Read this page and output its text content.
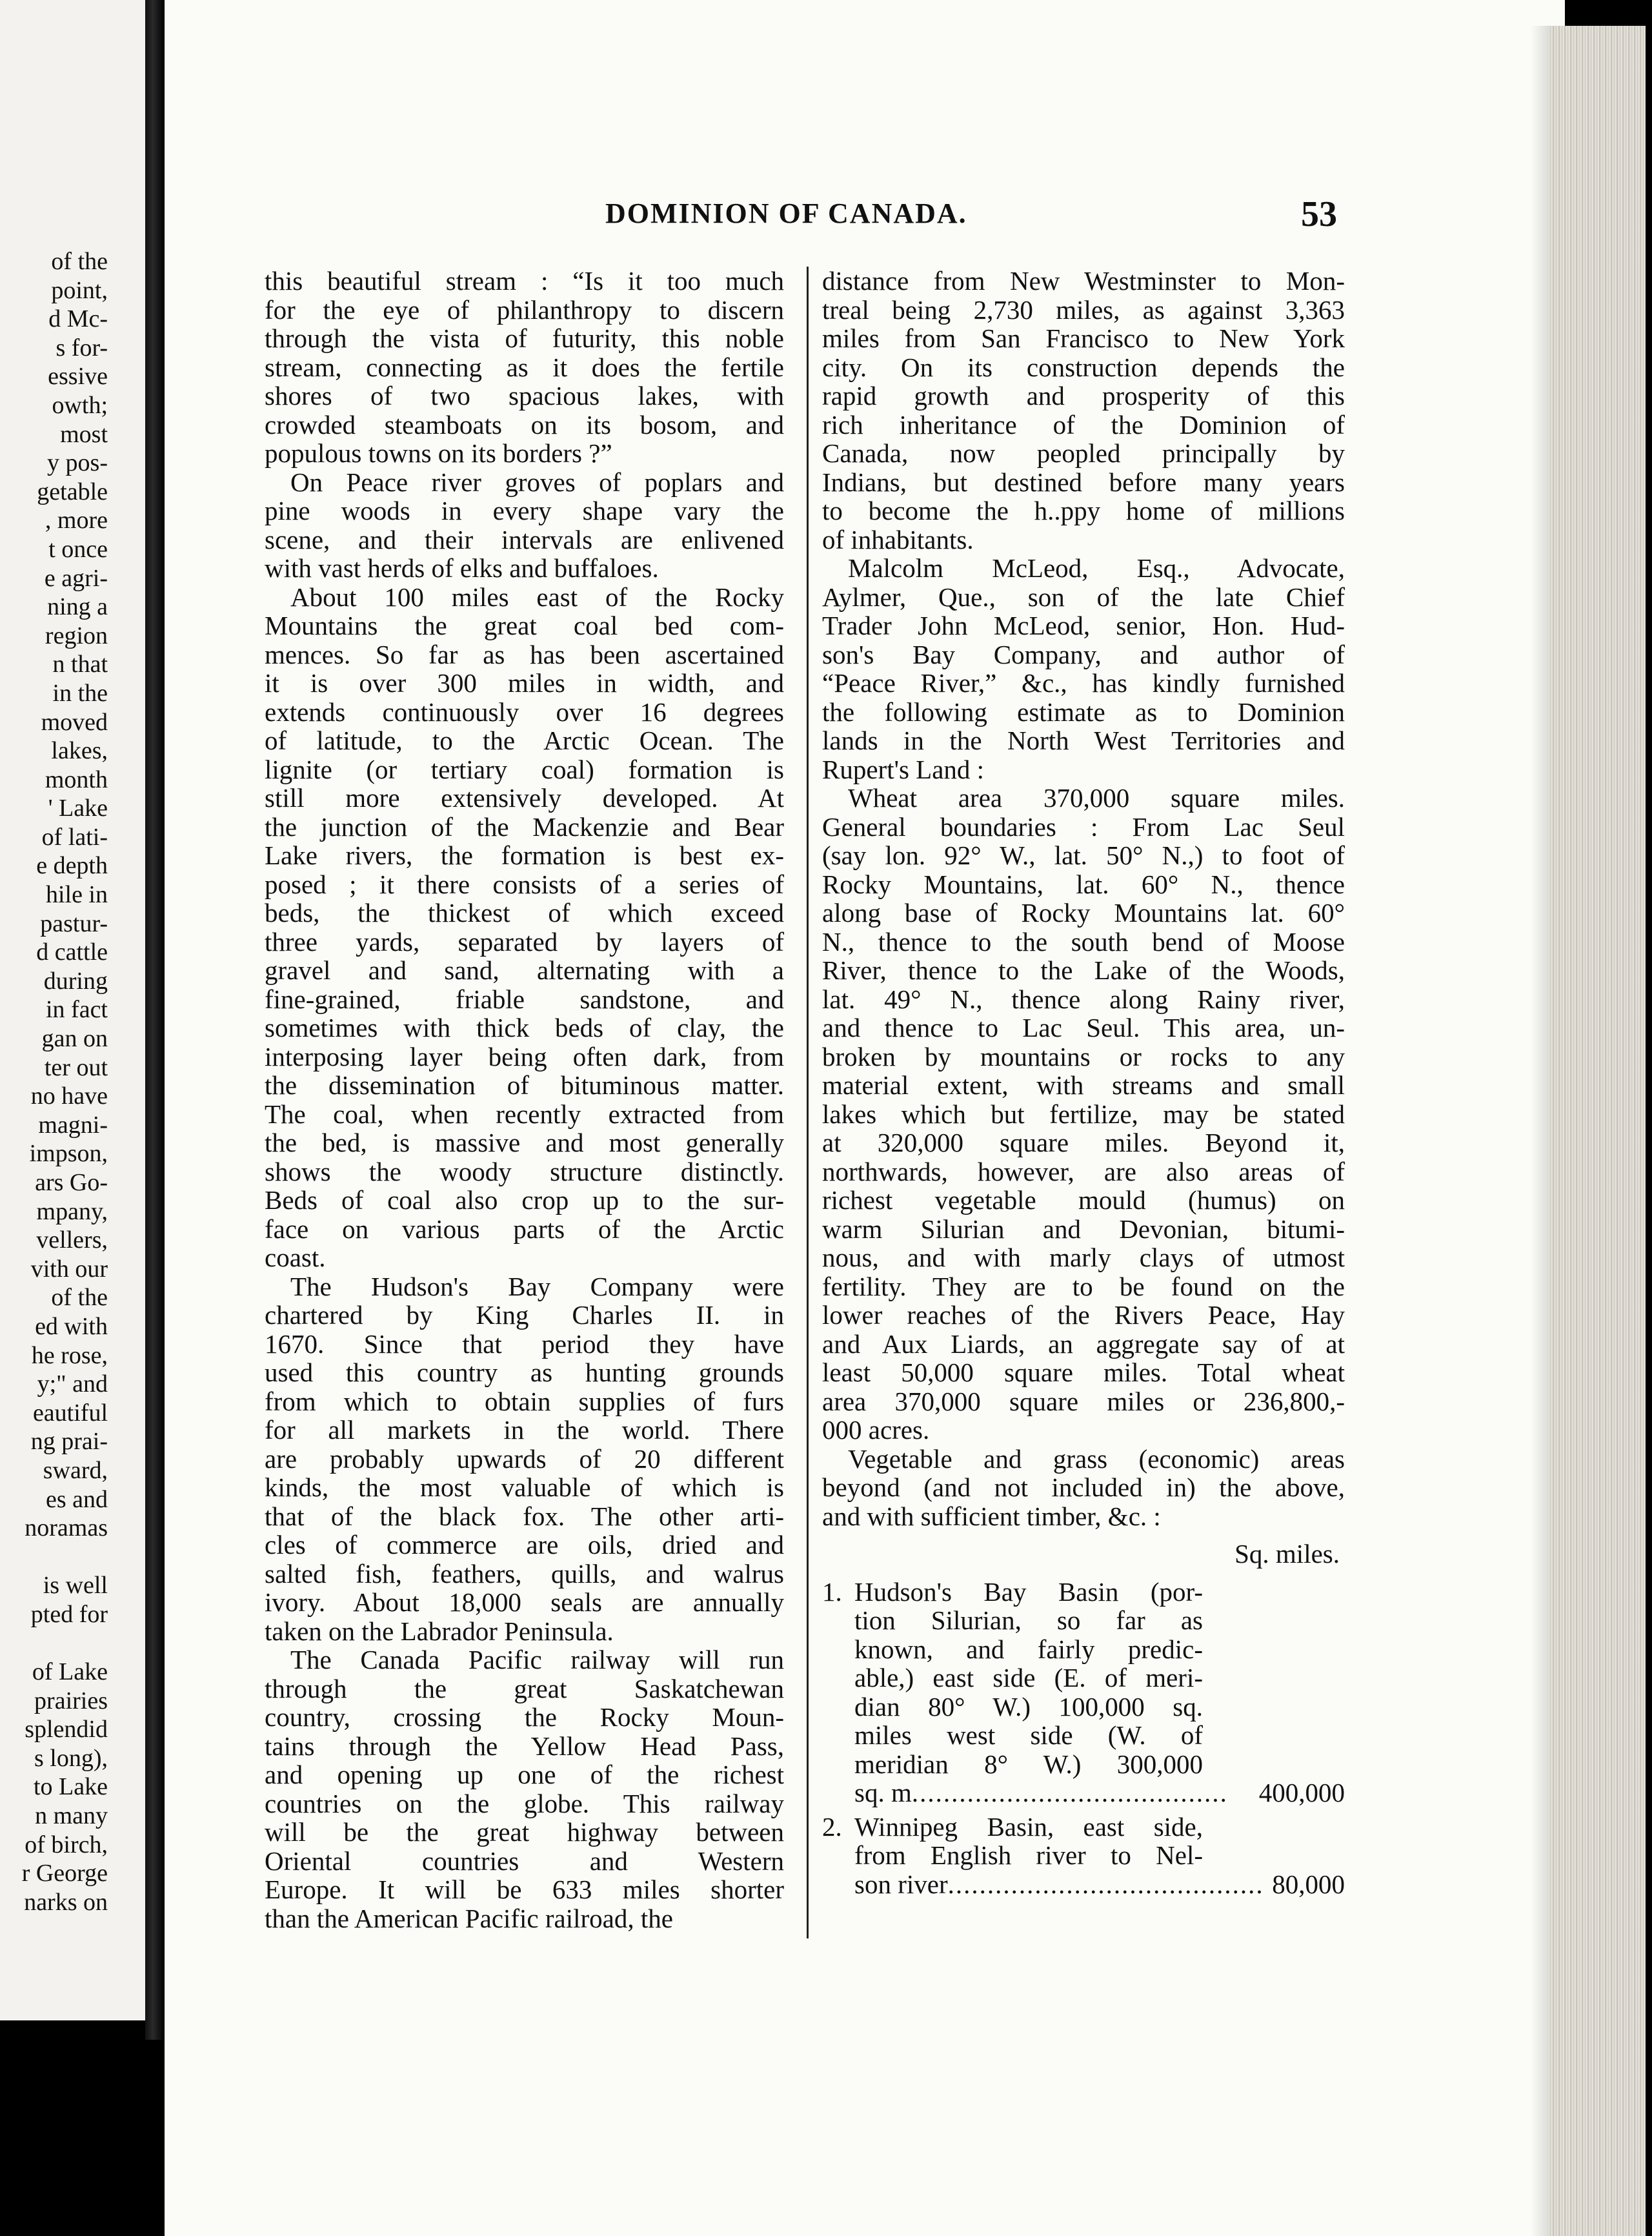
of the
point,
d Mc-
s for-
essive
owth;
most
y pos-
getable
, more
t once
e agri-
ning a
region
n that
in the
moved
lakes,
month
' Lake
of lati-
e depth
hile in
pastur-
d cattle
during
in fact
gan on
ter out
no have
magni-
impson,
ars Go-
mpany,
vellers,
vith our
of the
ed with
he rose,
y;" and
eautiful
ng prai-
sward,
es and
noramas
is well
pted for
of Lake
prairies
splendid
s long),
to Lake
n many
of birch,
r George
narks on
DOMINION OF CANADA.	53

this beautiful stream : “Is it too much
for the eye of philanthropy to discern
through the vista of futurity, this noble
stream, connecting as it does the fertile
shores of two spacious lakes, with
crowded steamboats on its bosom, and
populous towns on its borders ?”

On Peace river groves of poplars and
pine woods in every shape vary the
scene, and their intervals are enlivened
with vast herds of elks and buffaloes.

About 100 miles east of the Rocky
Mountains the great coal bed com-
mences. So far as has been ascertained
it is over 300 miles in width, and
extends continuously over 16 degrees
of latitude, to the Arctic Ocean. The
lignite (or tertiary coal) formation is
still more extensively developed. At
the junction of the Mackenzie and Bear
Lake rivers, the formation is best ex-
posed ; it there consists of a series of
beds, the thickest of which exceed
three yards, separated by layers of
gravel and sand, alternating with a
fine-grained, friable sandstone, and
sometimes with thick beds of clay, the
interposing layer being often dark, from
the dissemination of bituminous matter.
The coal, when recently extracted from
the bed, is massive and most generally
shows the woody structure distinctly.
Beds of coal also crop up to the sur-
face on various parts of the Arctic
coast.

The Hudson's Bay Company were
chartered by King Charles II. in
1670. Since that period they have
used this country as hunting grounds
from which to obtain supplies of furs
for all markets in the world. There
are probably upwards of 20 different
kinds, the most valuable of which is
that of the black fox. The other arti-
cles of commerce are oils, dried and
salted fish, feathers, quills, and walrus
ivory. About 18,000 seals are annually
taken on the Labrador Peninsula.

The Canada Pacific railway will run
through the great Saskatchewan
country, crossing the Rocky Moun-
tains through the Yellow Head Pass,
and opening up one of the richest
countries on the globe. This railway
will be the great highway between
Oriental countries and Western
Europe. It will be 633 miles shorter
than the American Pacific railroad, the

distance from New Westminster to Mon-
treal being 2,730 miles, as against 3,363
miles from San Francisco to New York
city. On its construction depends the
rapid growth and prosperity of this
rich inheritance of the Dominion of
Canada, now peopled principally by
Indians, but destined before many years
to become the h..ppy home of millions
of inhabitants.

Malcolm McLeod, Esq., Advocate,
Aylmer, Que., son of the late Chief
Trader John McLeod, senior, Hon. Hud-
son's Bay Company, and author of
“Peace River,” &c., has kindly furnished
the following estimate as to Dominion
lands in the North West Territories and
Rupert's Land :

Wheat area 370,000 square miles.
General boundaries : From Lac Seul
(say lon. 92° W., lat. 50° N.,) to foot of
Rocky Mountains, lat. 60° N., thence
along base of Rocky Mountains lat. 60°
N., thence to the south bend of Moose
River, thence to the Lake of the Woods,
lat. 49° N., thence along Rainy river,
and thence to Lac Seul. This area, un-
broken by mountains or rocks to any
material extent, with streams and small
lakes which but fertilize, may be stated
at 320,000 square miles. Beyond it,
northwards, however, are also areas of
richest vegetable mould (humus) on
warm Silurian and Devonian, bitumi-
nous, and with marly clays of utmost
fertility. They are to be found on the
lower reaches of the Rivers Peace, Hay
and Aux Liards, an aggregate say of at
least 50,000 square miles. Total wheat
area 370,000 square miles or 236,800,-
000 acres.

Vegetable and grass (economic) areas
beyond (and not included in) the above,
and with sufficient timber, &c. :

Sq. miles.
1. Hudson's Bay Basin (por-
tion Silurian, so far as
known, and fairly predic-
able,) east side (E. of meri-
dian 80° W.) 100,000 sq.
miles west side (W. of
meridian 8° W.) 300,000
sq. m........................................ 400,000
2. Winnipeg Basin, east side,
from English river to Nel-
son river........................................ 80,000
